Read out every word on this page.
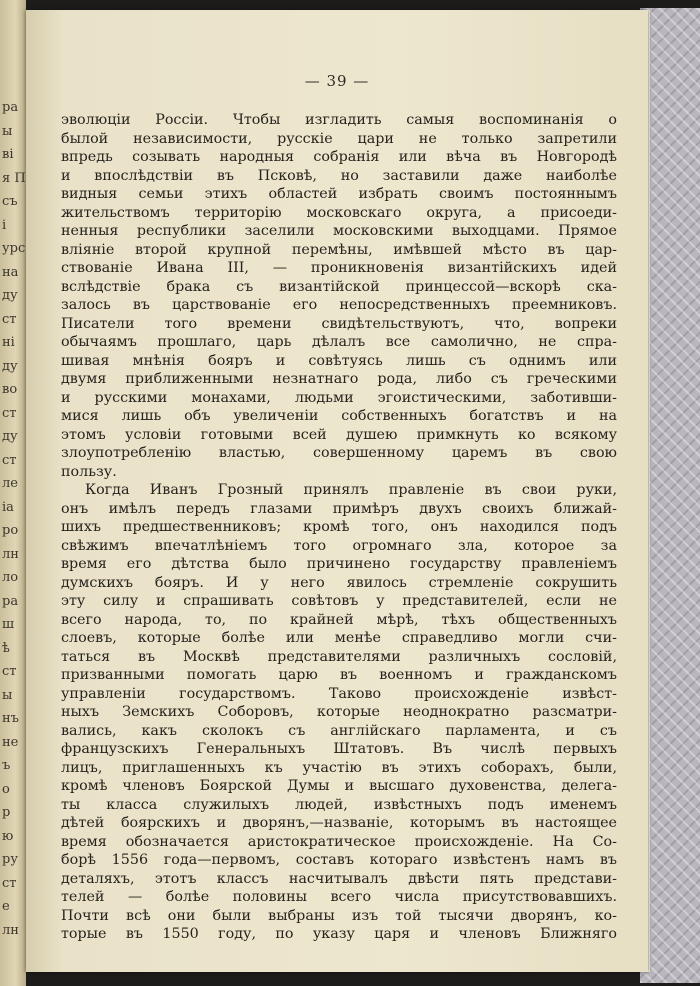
ра
ы
ві
я П
съ
і
урс
на
ду
ст
ні
ду
во
ст
ду
ст
ле
іа
ро
лн
ло
ра
ш
ѣ
ст
ы
нъ
не
ъ
о
р
ю
ру
ст
е
лн
— 39 —
эволюціи Россіи. Чтобы изгладить самыя воспоминанія о
былой независимости, русскіе цари не только запретили
впредь созывать народныя собранія или вѣча въ Новгородѣ
и впослѣдствіи въ Псковѣ, но заставили даже наиболѣе
видныя семьи этихъ областей избрать своимъ постояннымъ
жительствомъ территорію московскаго округа, а присоеди-
ненныя республики заселили московскими выходцами. Прямое
вліяніе второй крупной перемѣны, имѣвшей мѣсто въ цар-
ствованіе Ивана III, — проникновенія византійскихъ идей
вслѣдствіе брака съ византійской принцессой—вскорѣ ска-
залось въ царствованіе его непосредственныхъ преемниковъ.
Писатели того времени свидѣтельствуютъ, что, вопреки
обычаямъ прошлаго, царь дѣлалъ все самолично, не спра-
шивая мнѣнія бояръ и совѣтуясь лишь съ однимъ или
двумя приближенными незнатнаго рода, либо съ греческими
и русскими монахами, людьми эгоистическими, заботивши-
мися лишь объ увеличеніи собственныхъ богатствъ и на
этомъ условіи готовыми всей душею примкнуть ко всякому
злоупотребленію властью, совершенному царемъ въ свою
пользу.
Когда Иванъ Грозный принялъ правленіе въ свои руки,
онъ имѣлъ передъ глазами примѣръ двухъ своихъ ближай-
шихъ предшественниковъ; кромѣ того, онъ находился подъ
свѣжимъ впечатлѣніемъ того огромнаго зла, которое за
время его дѣтства было причинено государству правленіемъ
думскихъ бояръ. И у него явилось стремленіе сокрушить
эту силу и спрашивать совѣтовъ у представителей, если не
всего народа, то, по крайней мѣрѣ, тѣхъ общественныхъ
слоевъ, которые болѣе или менѣе справедливо могли счи-
таться въ Москвѣ представителями различныхъ сословій,
призванными помогать царю въ военномъ и гражданскомъ
управленіи государствомъ. Таково происхожденіе извѣст-
ныхъ Земскихъ Соборовъ, которые неоднократно разсматри-
вались, какъ сколокъ съ англійскаго парламента, и съ
французскихъ Генеральныхъ Штатовъ. Въ числѣ первыхъ
лицъ, приглашенныхъ къ участію въ этихъ соборахъ, были,
кромѣ членовъ Боярской Думы и высшаго духовенства, делега-
ты класса служилыхъ людей, извѣстныхъ подъ именемъ
дѣтей боярскихъ и дворянъ,—названіе, которымъ въ настоящее
время обозначается аристократическое происхожденіе. На Со-
борѣ 1556 года—первомъ, составъ котораго извѣстенъ намъ въ
деталяхъ, этотъ классъ насчитывалъ двѣсти пять представи-
телей — болѣе половины всего числа присутствовавшихъ.
Почти всѣ они были выбраны изъ той тысячи дворянъ, ко-
торые въ 1550 году, по указу царя и членовъ Ближняго
